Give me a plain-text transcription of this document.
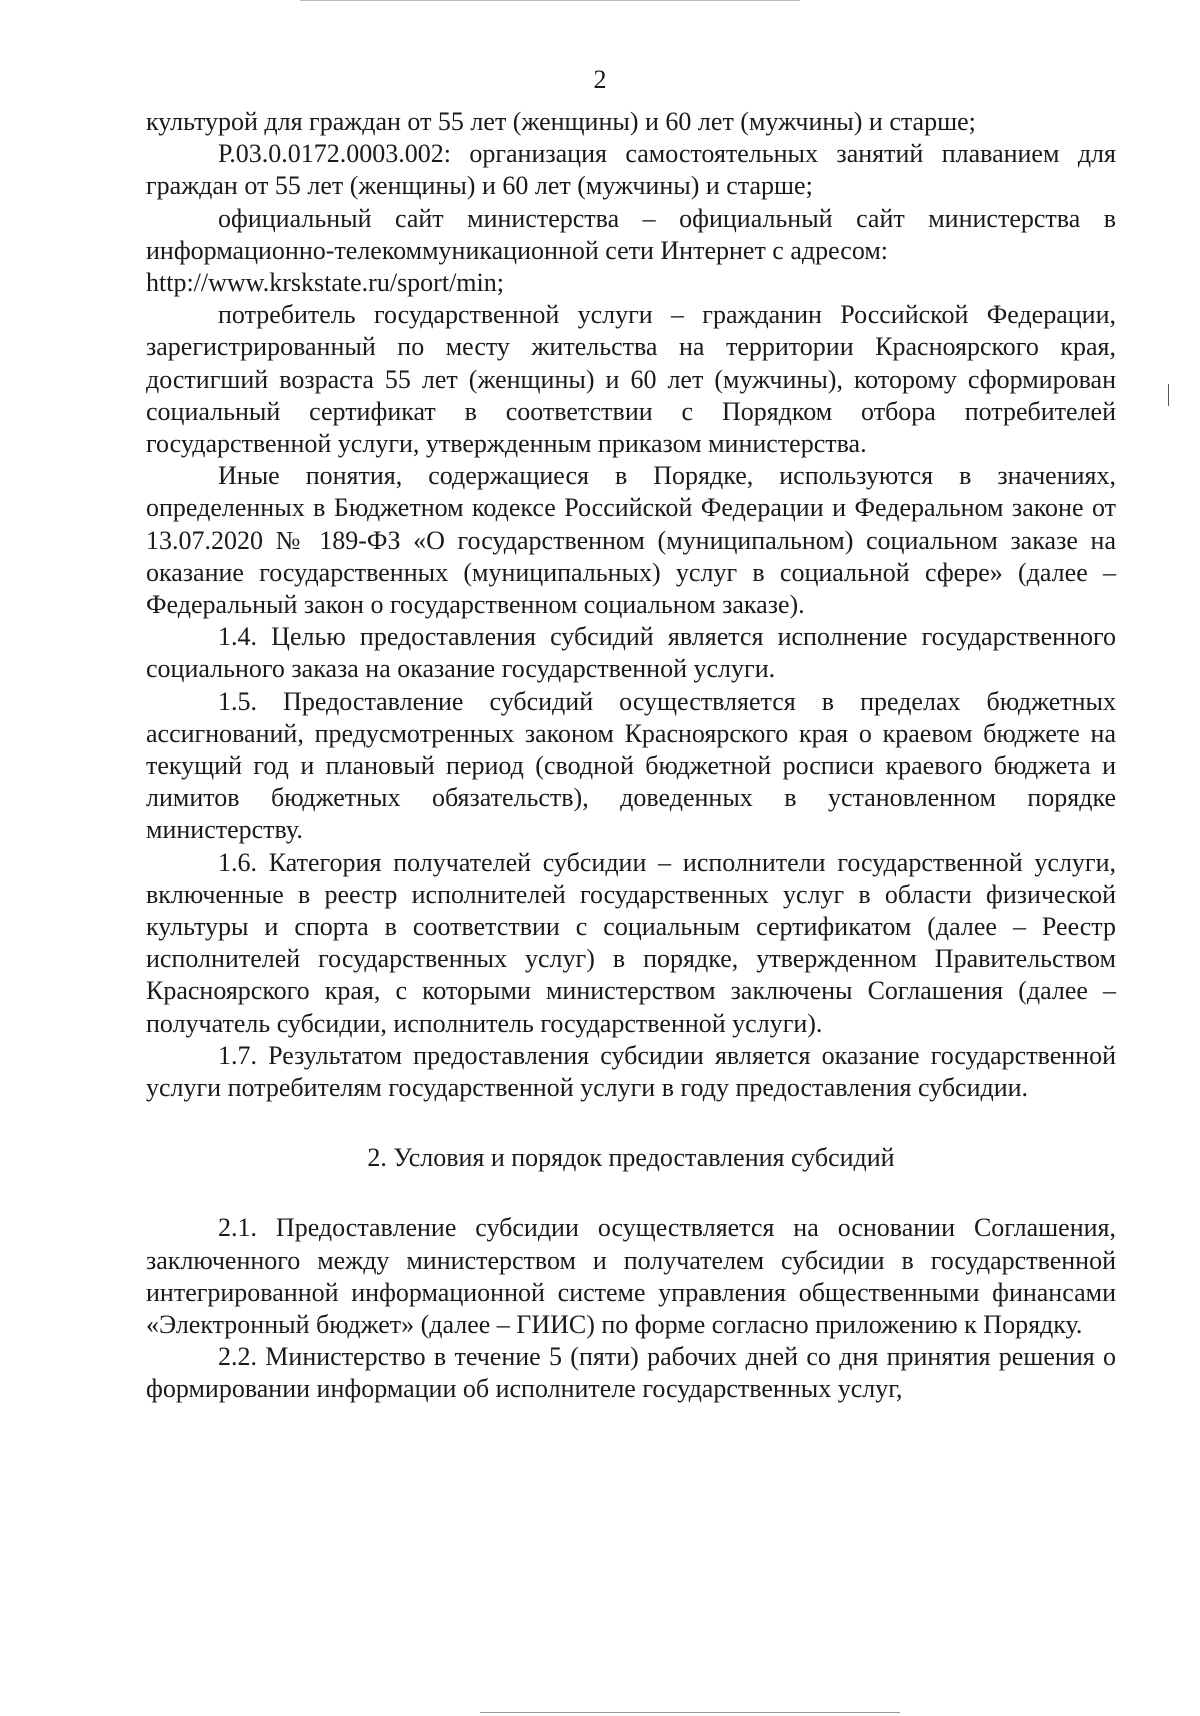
2

культурой для граждан от 55 лет (женщины) и 60 лет (мужчины) и старше;

Р.03.0.0172.0003.002: организация самостоятельных занятий плаванием для граждан от 55 лет (женщины) и 60 лет (мужчины) и старше;

официальный сайт министерства – официальный сайт министерства в информационно-телекоммуникационной сети Интернет с адресом:

http://www.krskstate.ru/sport/min;

потребитель государственной услуги – гражданин Российской Федерации, зарегистрированный по месту жительства на территории Красноярского края, достигший возраста 55 лет (женщины) и 60 лет (мужчины), которому сформирован социальный сертификат в соответствии с Порядком отбора потребителей государственной услуги, утвержденным приказом министерства.

Иные понятия, содержащиеся в Порядке, используются в значениях, определенных в Бюджетном кодексе Российской Федерации и Федеральном законе от 13.07.2020 № 189-ФЗ «О государственном (муниципальном) социальном заказе на оказание государственных (муниципальных) услуг в социальной сфере» (далее – Федеральный закон о государственном социальном заказе).

1.4. Целью предоставления субсидий является исполнение государственного социального заказа на оказание государственной услуги.

1.5. Предоставление субсидий осуществляется в пределах бюджетных ассигнований, предусмотренных законом Красноярского края о краевом бюджете на текущий год и плановый период (сводной бюджетной росписи краевого бюджета и лимитов бюджетных обязательств), доведенных в установленном порядке министерству.

1.6. Категория получателей субсидии – исполнители государственной услуги, включенные в реестр исполнителей государственных услуг в области физической культуры и спорта в соответствии с социальным сертификатом (далее – Реестр исполнителей государственных услуг) в порядке, утвержденном Правительством Красноярского края, с которыми министерством заключены Соглашения (далее – получатель субсидии, исполнитель государственной услуги).

1.7. Результатом предоставления субсидии является оказание государственной услуги потребителям государственной услуги в году предоставления субсидии.

2. Условия и порядок предоставления субсидий

2.1. Предоставление субсидии осуществляется на основании Соглашения, заключенного между министерством и получателем субсидии в государственной интегрированной информационной системе управления общественными финансами «Электронный бюджет» (далее – ГИИС) по форме согласно приложению к Порядку.

2.2. Министерство в течение 5 (пяти) рабочих дней со дня принятия решения о формировании информации об исполнителе государственных услуг,
